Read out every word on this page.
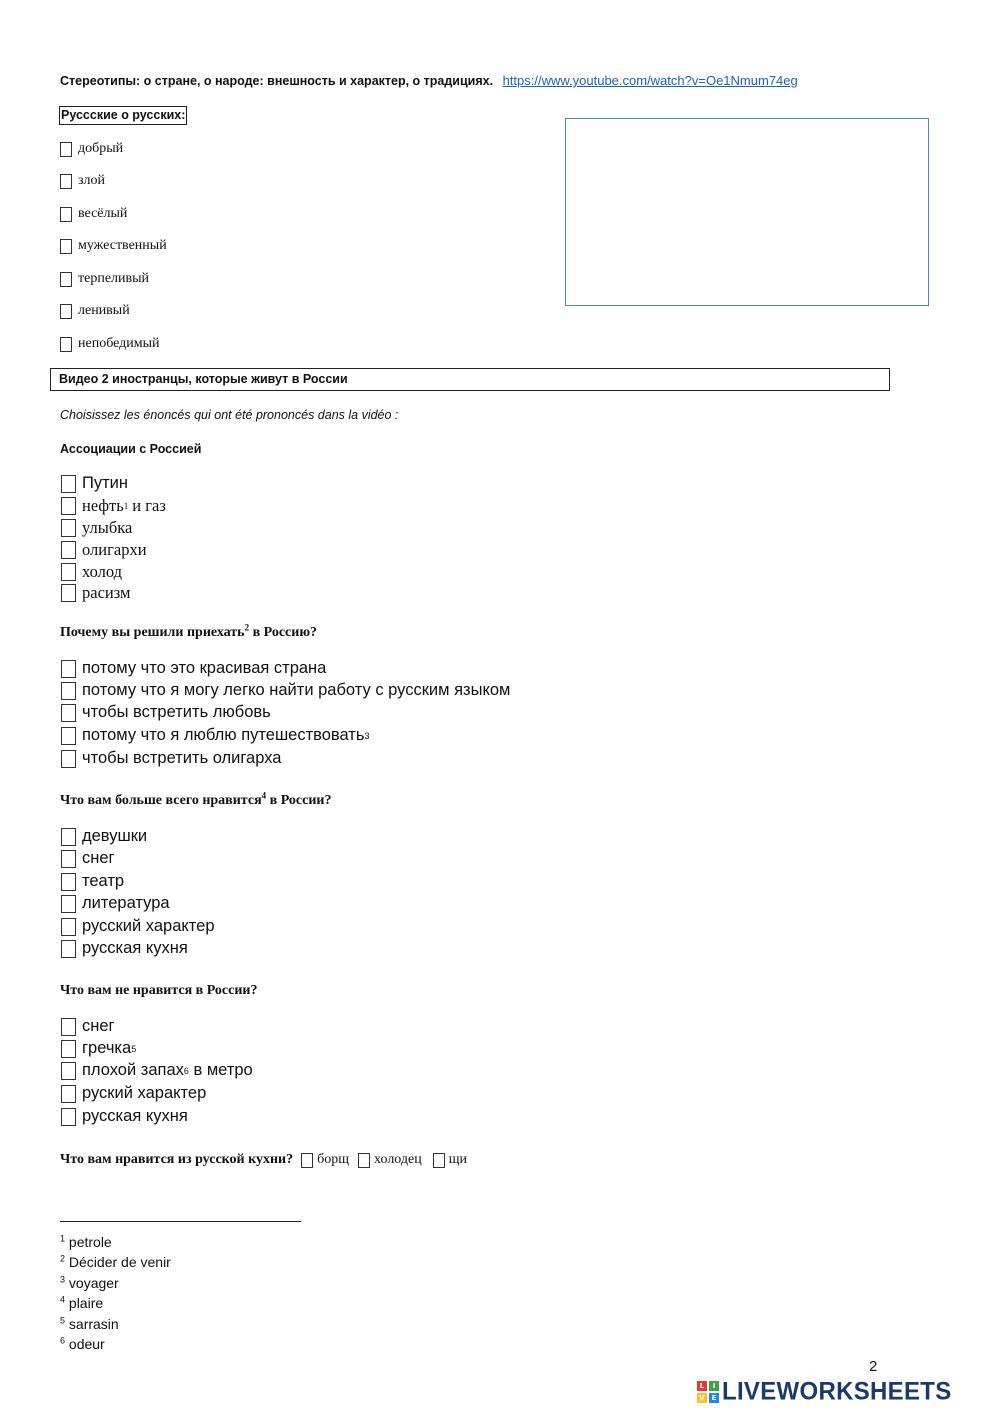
Стереотипы: о стране, о народе: внешность и характер, о традициях. https://www.youtube.com/watch?v=Oe1Nmum74eg
Руссские о русских:
добрый
злой
весёлый
мужественный
терпеливый
ленивый
непобедимый
Видео 2 иностранцы, которые живут в России
Choisissez les énoncés qui ont été prononcés dans la vidéo :
Ассоциации с Россией
Путин
нефть 1 и газ
улыбка
олигархи
холод
расизм
Почему вы решили приехать$^2$ в Россию?
потому что это красивая страна
потому что я могу легко найти работу с русским языком
чтобы встретить любовь
потому что я люблю путешествовать 3
чтобы встретить олигарха
Что вам больше всего нравится$^4$ в России?
девушки
снег
театр
литература
русский характер
русская кухня
Что вам не нравится в России?
снег
гречка 5
плохой запах 6 в метро
руский характер
русская кухня
Что вам нравится из русской кухни? борщ холодец щи
$^1$ petrole
$^2$ Décider de venir
$^3$ voyager
$^4$ plaire
$^5$ sarrasin
$^6$ odeur
2
L	I
V E LIVEWORKSHEETS
